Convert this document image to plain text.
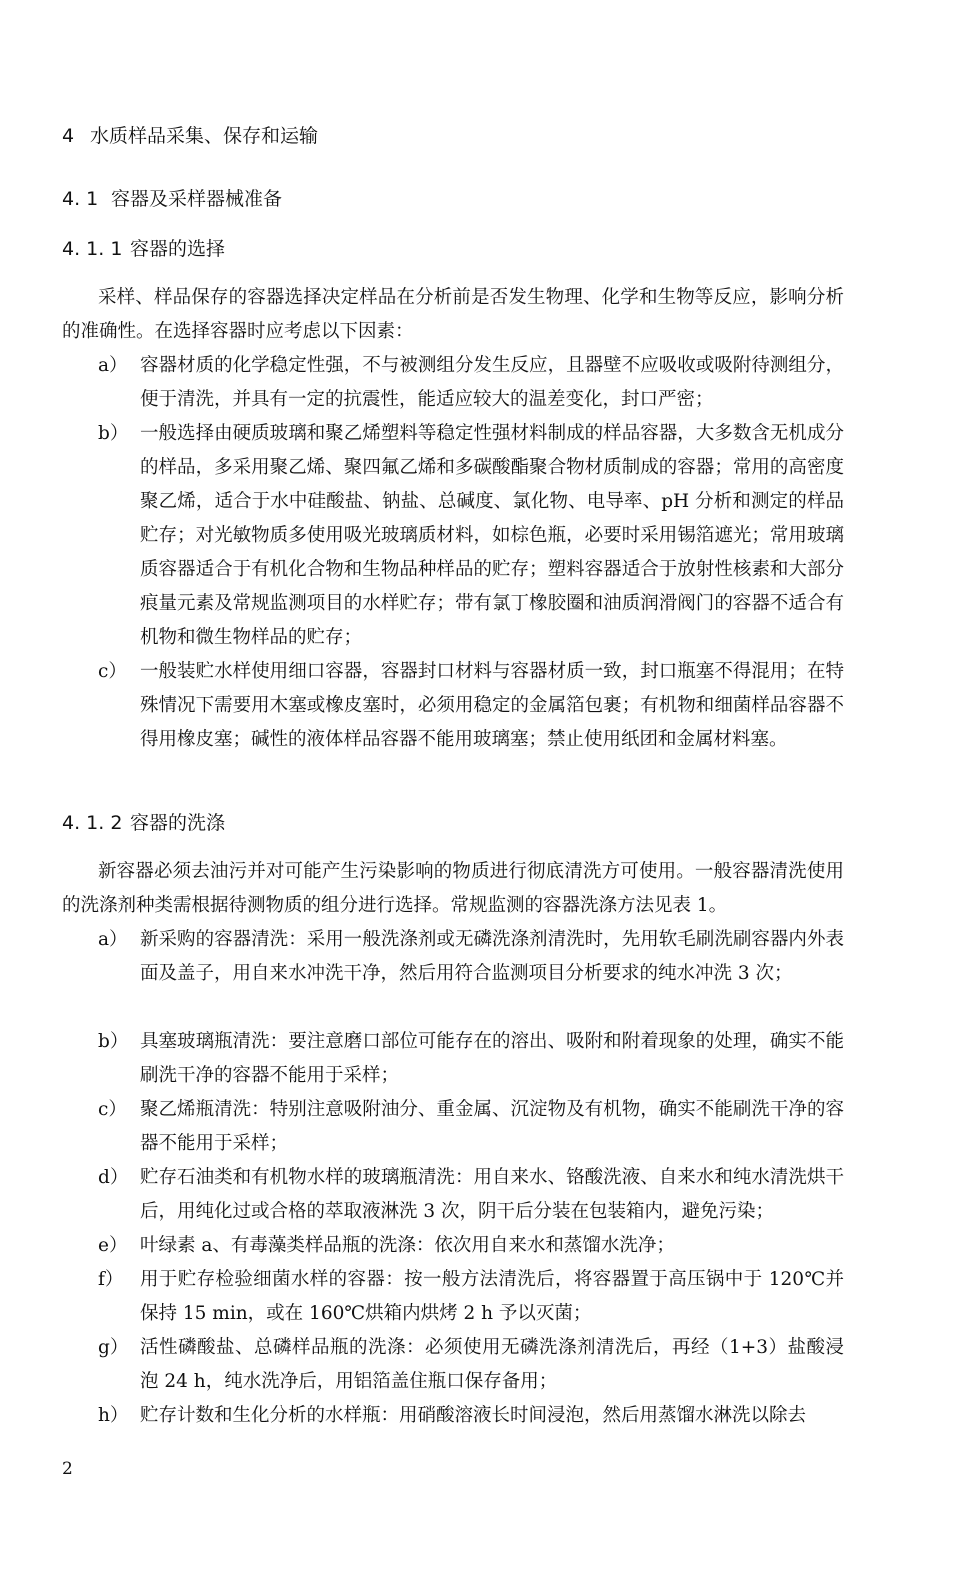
4 水质样品采集、保存和运输
4. 1 容器及采样器械准备
4. 1. 1 容器的选择

采样、样品保存的容器选择决定样品在分析前是否发生物理、化学和生物等反应，影响分析的准确性。在选择容器时应考虑以下因素：

a） 容器材质的化学稳定性强，不与被测组分发生反应，且器壁不应吸收或吸附待测组分，便于清洗，并具有一定的抗震性，能适应较大的温差变化，封口严密；
b） 一般选择由硬质玻璃和聚乙烯塑料等稳定性强材料制成的样品容器，大多数含无机成分的样品，多采用聚乙烯、聚四氟乙烯和多碳酸酯聚合物材质制成的容器；常用的高密度聚乙烯，适合于水中硅酸盐、钠盐、总碱度、氯化物、电导率、pH 分析和测定的样品贮存；对光敏物质多使用吸光玻璃质材料，如棕色瓶，必要时采用锡箔遮光；常用玻璃质容器适合于有机化合物和生物品种样品的贮存；塑料容器适合于放射性核素和大部分痕量元素及常规监测项目的水样贮存；带有氯丁橡胶圈和油质润滑阀门的容器不适合有机物和微生物样品的贮存；
c） 一般装贮水样使用细口容器，容器封口材料与容器材质一致，封口瓶塞不得混用；在特殊情况下需要用木塞或橡皮塞时，必须用稳定的金属箔包裹；有机物和细菌样品容器不得用橡皮塞；碱性的液体样品容器不能用玻璃塞；禁止使用纸团和金属材料塞。
4. 1. 2 容器的洗涤

新容器必须去油污并对可能产生污染影响的物质进行彻底清洗方可使用。一般容器清洗使用的洗涤剂种类需根据待测物质的组分进行选择。常规监测的容器洗涤方法见表 1。

a） 新采购的容器清洗：采用一般洗涤剂或无磷洗涤剂清洗时，先用软毛刷洗刷容器内外表面及盖子，用自来水冲洗干净，然后用符合监测项目分析要求的纯水冲洗 3 次；
b） 具塞玻璃瓶清洗：要注意磨口部位可能存在的溶出、吸附和附着现象的处理，确实不能刷洗干净的容器不能用于采样；
c） 聚乙烯瓶清洗：特别注意吸附油分、重金属、沉淀物及有机物，确实不能刷洗干净的容器不能用于采样；
d） 贮存石油类和有机物水样的玻璃瓶清洗：用自来水、铬酸洗液、自来水和纯水清洗烘干后，用纯化过或合格的萃取液淋洗 3 次，阴干后分装在包装箱内，避免污染；
e） 叶绿素 a、有毒藻类样品瓶的洗涤：依次用自来水和蒸馏水洗净；
f） 用于贮存检验细菌水样的容器：按一般方法清洗后，将容器置于高压锅中于 120℃并保持 15 min，或在 160℃烘箱内烘烤 2 h 予以灭菌；
g） 活性磷酸盐、总磷样品瓶的洗涤：必须使用无磷洗涤剂清洗后，再经（1+3）盐酸浸泡 24 h，纯水洗净后，用铝箔盖住瓶口保存备用；
h） 贮存计数和生化分析的水样瓶：用硝酸溶液长时间浸泡，然后用蒸馏水淋洗以除去
2
